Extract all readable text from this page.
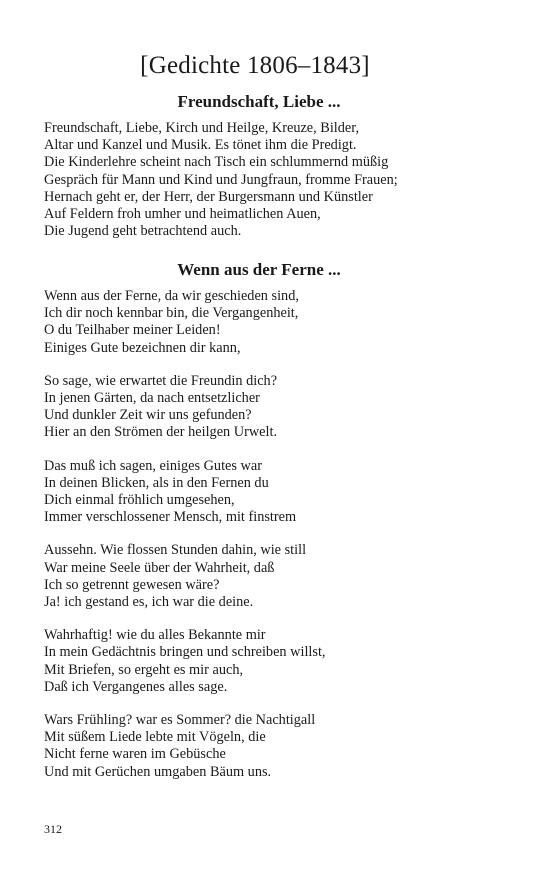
[Gedichte 1806–1843]
Freundschaft, Liebe ...
Freundschaft, Liebe, Kirch und Heilge, Kreuze, Bilder,
Altar und Kanzel und Musik. Es tönet ihm die Predigt.
Die Kinderlehre scheint nach Tisch ein schlummernd müßig
Gespräch für Mann und Kind und Jungfraun, fromme Frauen;
Hernach geht er, der Herr, der Burgersmann und Künstler
Auf Feldern froh umher und heimatlichen Auen,
Die Jugend geht betrachtend auch.
Wenn aus der Ferne ...
Wenn aus der Ferne, da wir geschieden sind,
Ich dir noch kennbar bin, die Vergangenheit,
O du Teilhaber meiner Leiden!
Einiges Gute bezeichnen dir kann,
So sage, wie erwartet die Freundin dich?
In jenen Gärten, da nach entsetzlicher
Und dunkler Zeit wir uns gefunden?
Hier an den Strömen der heilgen Urwelt.
Das muß ich sagen, einiges Gutes war
In deinen Blicken, als in den Fernen du
Dich einmal fröhlich umgesehen,
Immer verschlossener Mensch, mit finstrem
Aussehn. Wie flossen Stunden dahin, wie still
War meine Seele über der Wahrheit, daß
Ich so getrennt gewesen wäre?
Ja! ich gestand es, ich war die deine.
Wahrhaftig! wie du alles Bekannte mir
In mein Gedächtnis bringen und schreiben willst,
Mit Briefen, so ergeht es mir auch,
Daß ich Vergangenes alles sage.
Wars Frühling? war es Sommer? die Nachtigall
Mit süßem Liede lebte mit Vögeln, die
Nicht ferne waren im Gebüsche
Und mit Gerüchen umgaben Bäum uns.
312
